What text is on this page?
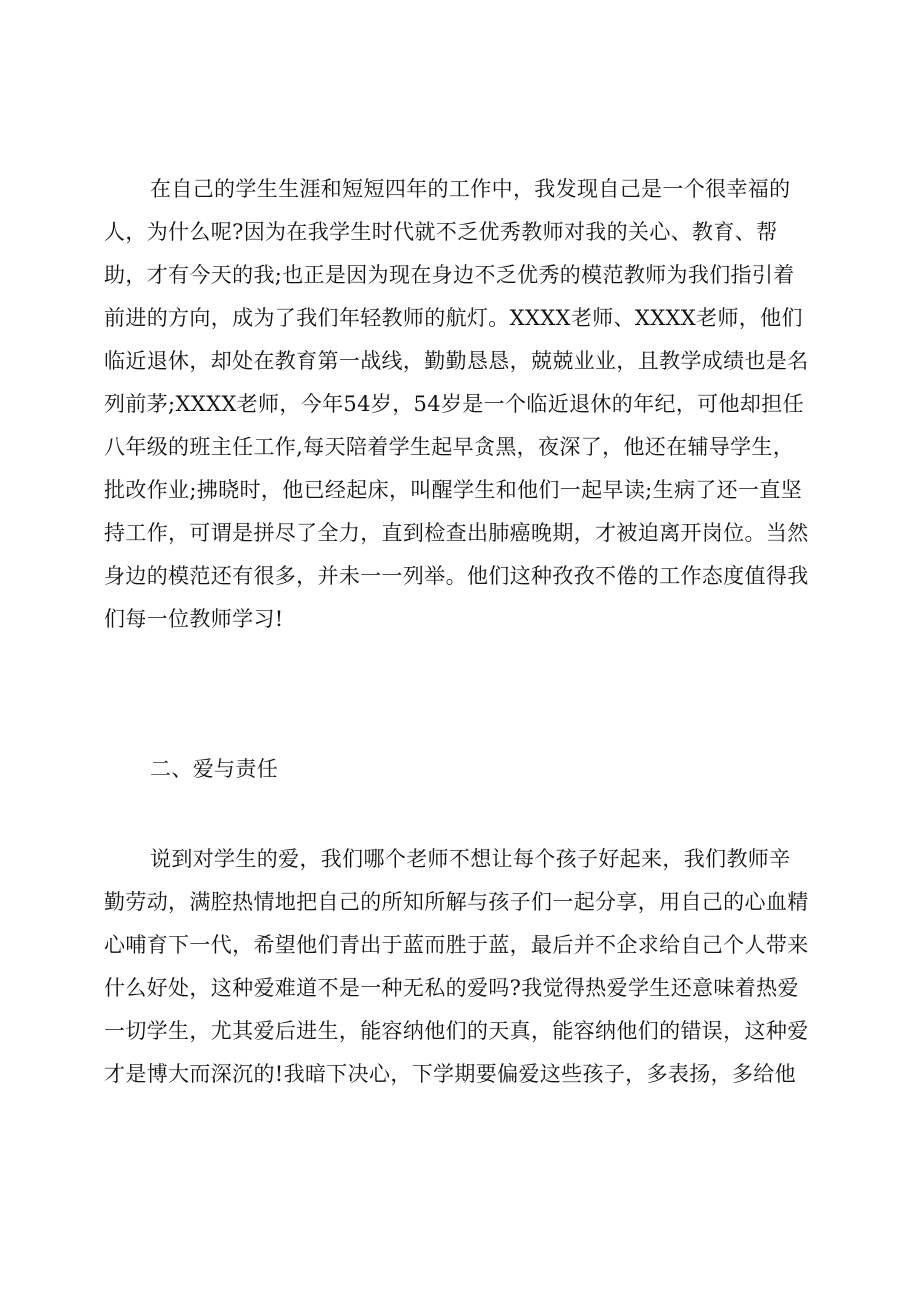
在自己的学生生涯和短短四年的工作中，我发现自己是一个很幸福的
人，为什么呢?因为在我学生时代就不乏优秀教师对我的关心、教育、帮
助，才有今天的我;也正是因为现在身边不乏优秀的模范教师为我们指引着
前进的方向，成为了我们年轻教师的航灯。XXXX老师、XXXX老师，他们
临近退休，却处在教育第一战线，勤勤恳恳，兢兢业业，且教学成绩也是名
列前茅;XXXX老师，今年54岁，54岁是一个临近退休的年纪，可他却担任
八年级的班主任工作,每天陪着学生起早贪黑，夜深了，他还在辅导学生，
批改作业;拂晓时，他已经起床，叫醒学生和他们一起早读;生病了还一直坚
持工作，可谓是拼尽了全力，直到检查出肺癌晚期，才被迫离开岗位。当然
身边的模范还有很多，并未一一列举。他们这种孜孜不倦的工作态度值得我
们每一位教师学习!
二、爱与责任
说到对学生的爱，我们哪个老师不想让每个孩子好起来，我们教师辛
勤劳动，满腔热情地把自己的所知所解与孩子们一起分享，用自己的心血精
心哺育下一代，希望他们青出于蓝而胜于蓝，最后并不企求给自己个人带来
什么好处，这种爱难道不是一种无私的爱吗?我觉得热爱学生还意味着热爱
一切学生，尤其爱后进生，能容纳他们的天真，能容纳他们的错误，这种爱
才是博大而深沉的!我暗下决心，下学期要偏爱这些孩子，多表扬，多给他
